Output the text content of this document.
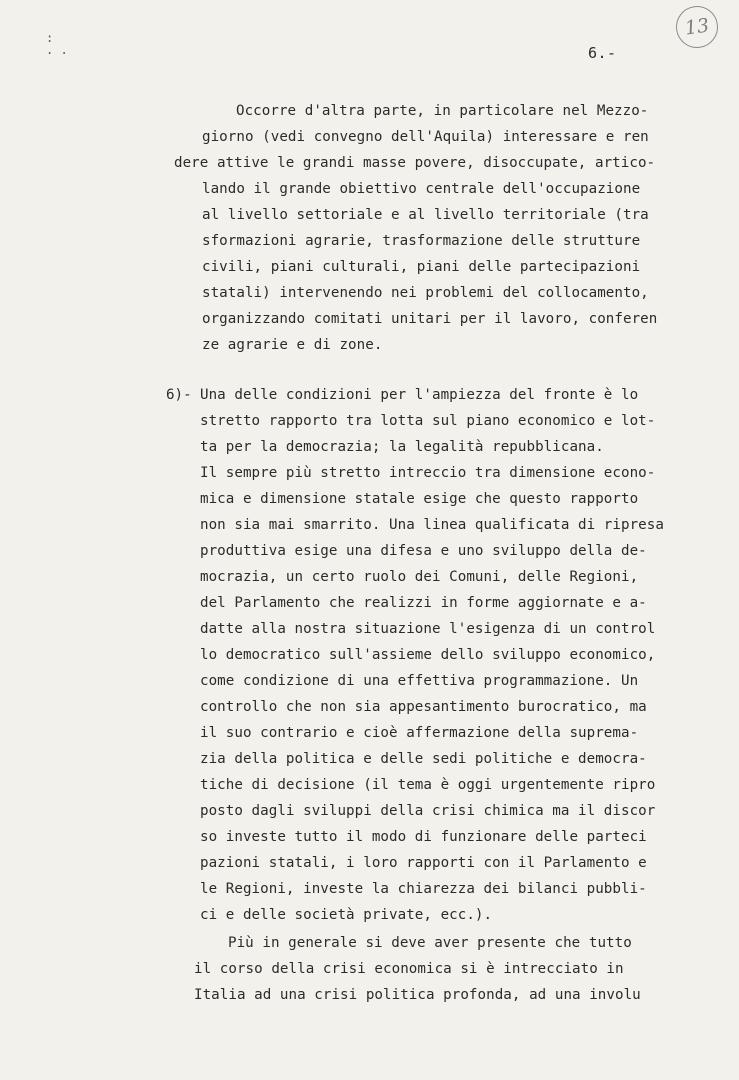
13
:
. .	6.-
Occorre d'altra parte, in particolare nel Mezzo-
giorno (vedi convegno dell'Aquila) interessare e ren
dere attive le grandi masse povere, disoccupate, artico-
lando il grande obiettivo centrale dell'occupazione
al livello settoriale e al livello territoriale (tra
sformazioni agrarie, trasformazione delle strutture
civili, piani culturali, piani delle partecipazioni
statali) intervenendo nei problemi del collocamento,
organizzando comitati unitari per il lavoro, conferen
ze agrarie e di zone.
6)- Una delle condizioni per l'ampiezza del fronte è lo
stretto rapporto tra lotta sul piano economico e lot-
ta per la democrazia; la legalità repubblicana.
Il sempre più stretto intreccio tra dimensione econo-
mica e dimensione statale esige che questo rapporto
non sia mai smarrito. Una linea qualificata di ripresa
produttiva esige una difesa e uno sviluppo della de-
mocrazia, un certo ruolo dei Comuni, delle Regioni,
del Parlamento che realizzi in forme aggiornate e a-
datte alla nostra situazione l'esigenza di un control
lo democratico sull'assieme dello sviluppo economico,
come condizione di una effettiva programmazione. Un
controllo che non sia appesantimento burocratico, ma
il suo contrario e cioè affermazione della suprema-
zia della politica e delle sedi politiche e democra-
tiche di decisione (il tema è oggi urgentemente ripro
posto dagli sviluppi della crisi chimica ma il discor
so investe tutto il modo di funzionare delle parteci
pazioni statali, i loro rapporti con il Parlamento e
le Regioni, investe la chiarezza dei bilanci pubbli-
ci e delle società private, ecc.).
Più in generale si deve aver presente che tutto
il corso della crisi economica si è intrecciato in
Italia ad una crisi politica profonda, ad una involu
